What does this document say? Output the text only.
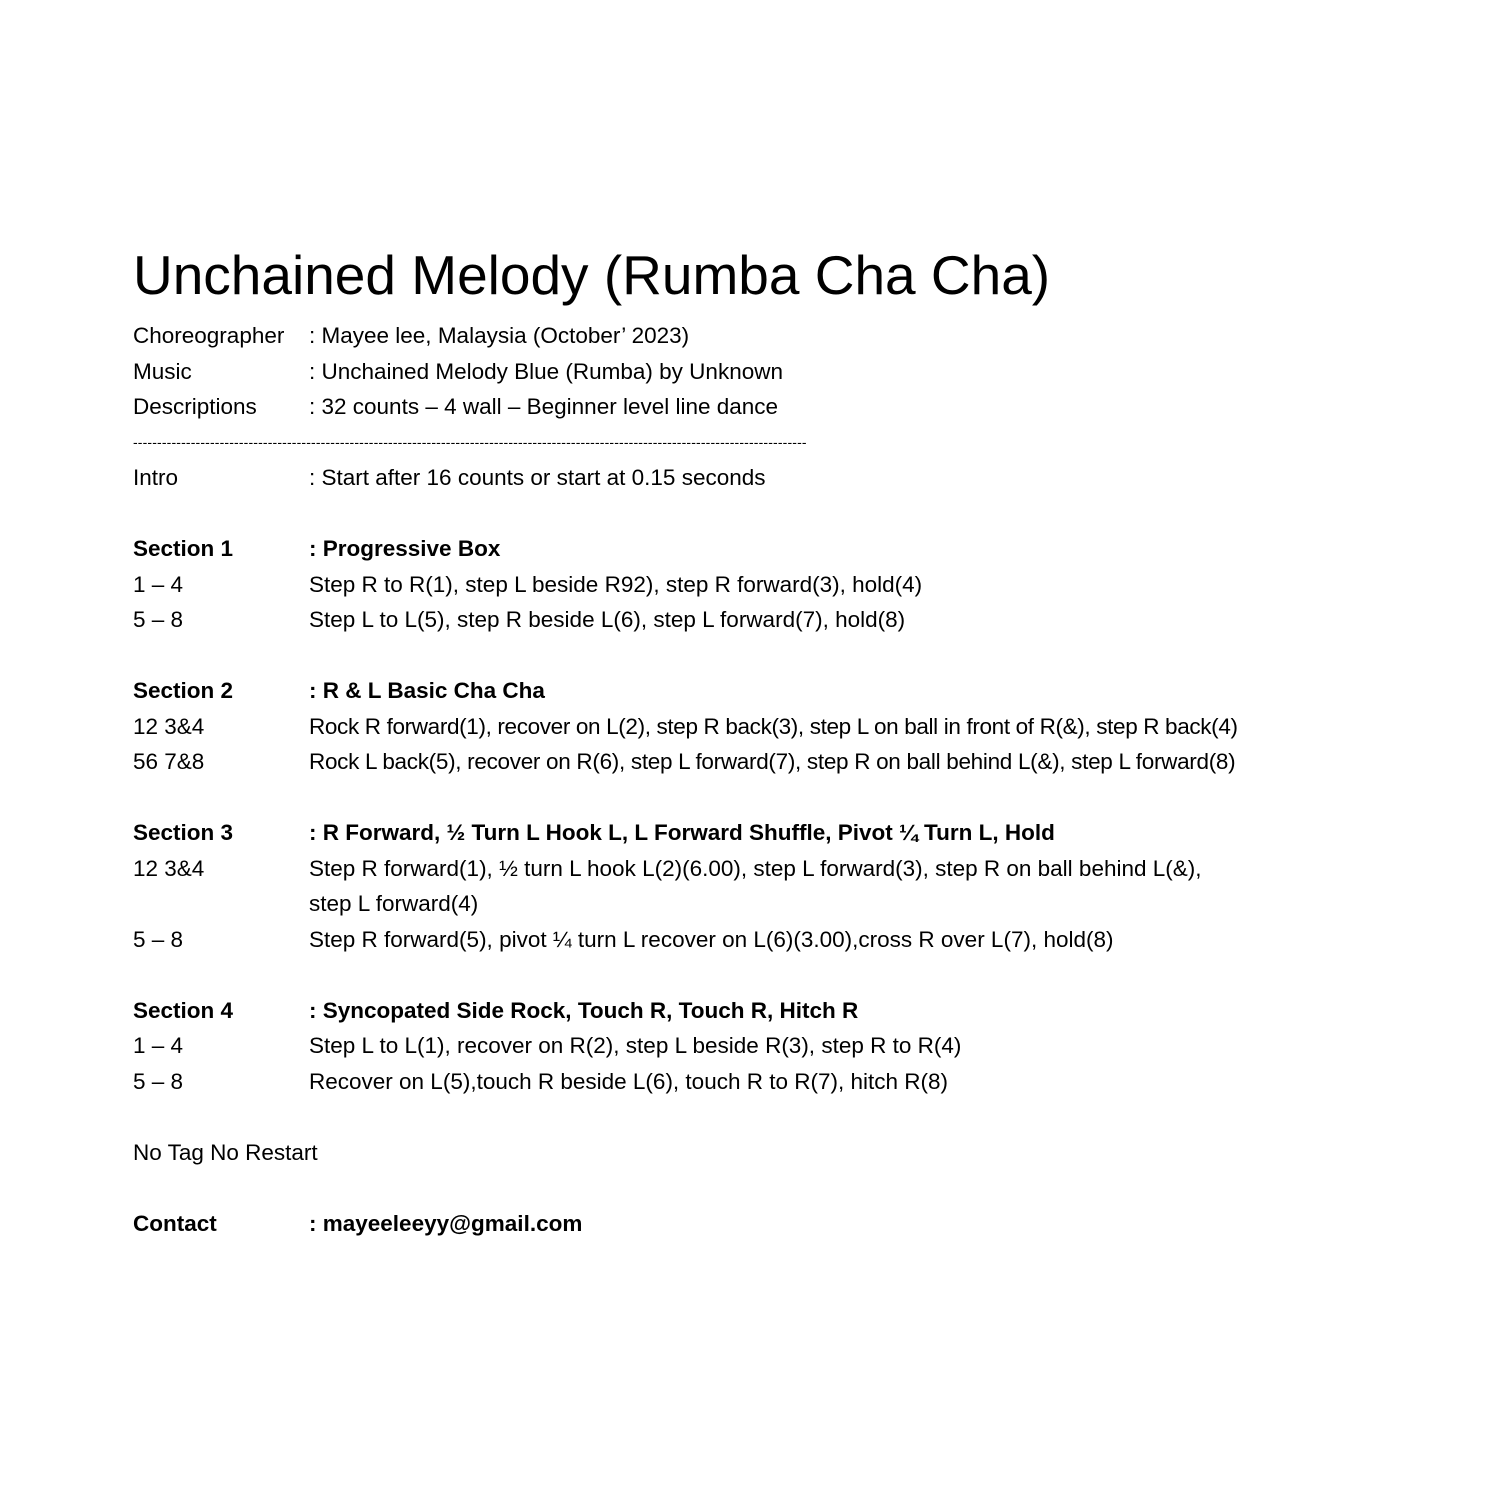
Unchained Melody (Rumba Cha Cha)
Choreographer	: Mayee lee, Malaysia (October’ 2023)
Music	: Unchained Melody Blue (Rumba) by Unknown
Descriptions	: 32 counts – 4 wall – Beginner level line dance
--------------------------------------------------------------------------------------------------------------------------------------------
Intro	: Start after 16 counts or start at 0.15 seconds
Section 1	: Progressive Box
1 – 4	Step R to R(1), step L beside R92), step R forward(3), hold(4)
5 – 8	Step L to L(5), step R beside L(6), step L forward(7), hold(8)
Section 2	: R & L Basic Cha Cha
12 3&4	Rock R forward(1), recover on L(2), step R back(3), step L on ball in front of R(&), step R back(4)
56 7&8	Rock L back(5), recover on R(6), step L forward(7), step R on ball behind L(&), step L forward(8)
Section 3	: R Forward, ½ Turn L Hook L, L Forward Shuffle, Pivot ¼ Turn L, Hold
12 3&4	Step R forward(1), ½ turn L hook L(2)(6.00), step L forward(3), step R on ball behind L(&),
step L forward(4)
5 – 8	Step R forward(5), pivot ¼ turn L recover on L(6)(3.00),cross R over L(7), hold(8)
Section 4	: Syncopated Side Rock, Touch R, Touch R, Hitch R
1 – 4	Step L to L(1), recover on R(2), step L beside R(3), step R to R(4)
5 – 8	Recover on L(5),touch R beside L(6), touch R to R(7), hitch R(8)
No Tag No Restart
Contact	: mayeeleeyy@gmail.com
